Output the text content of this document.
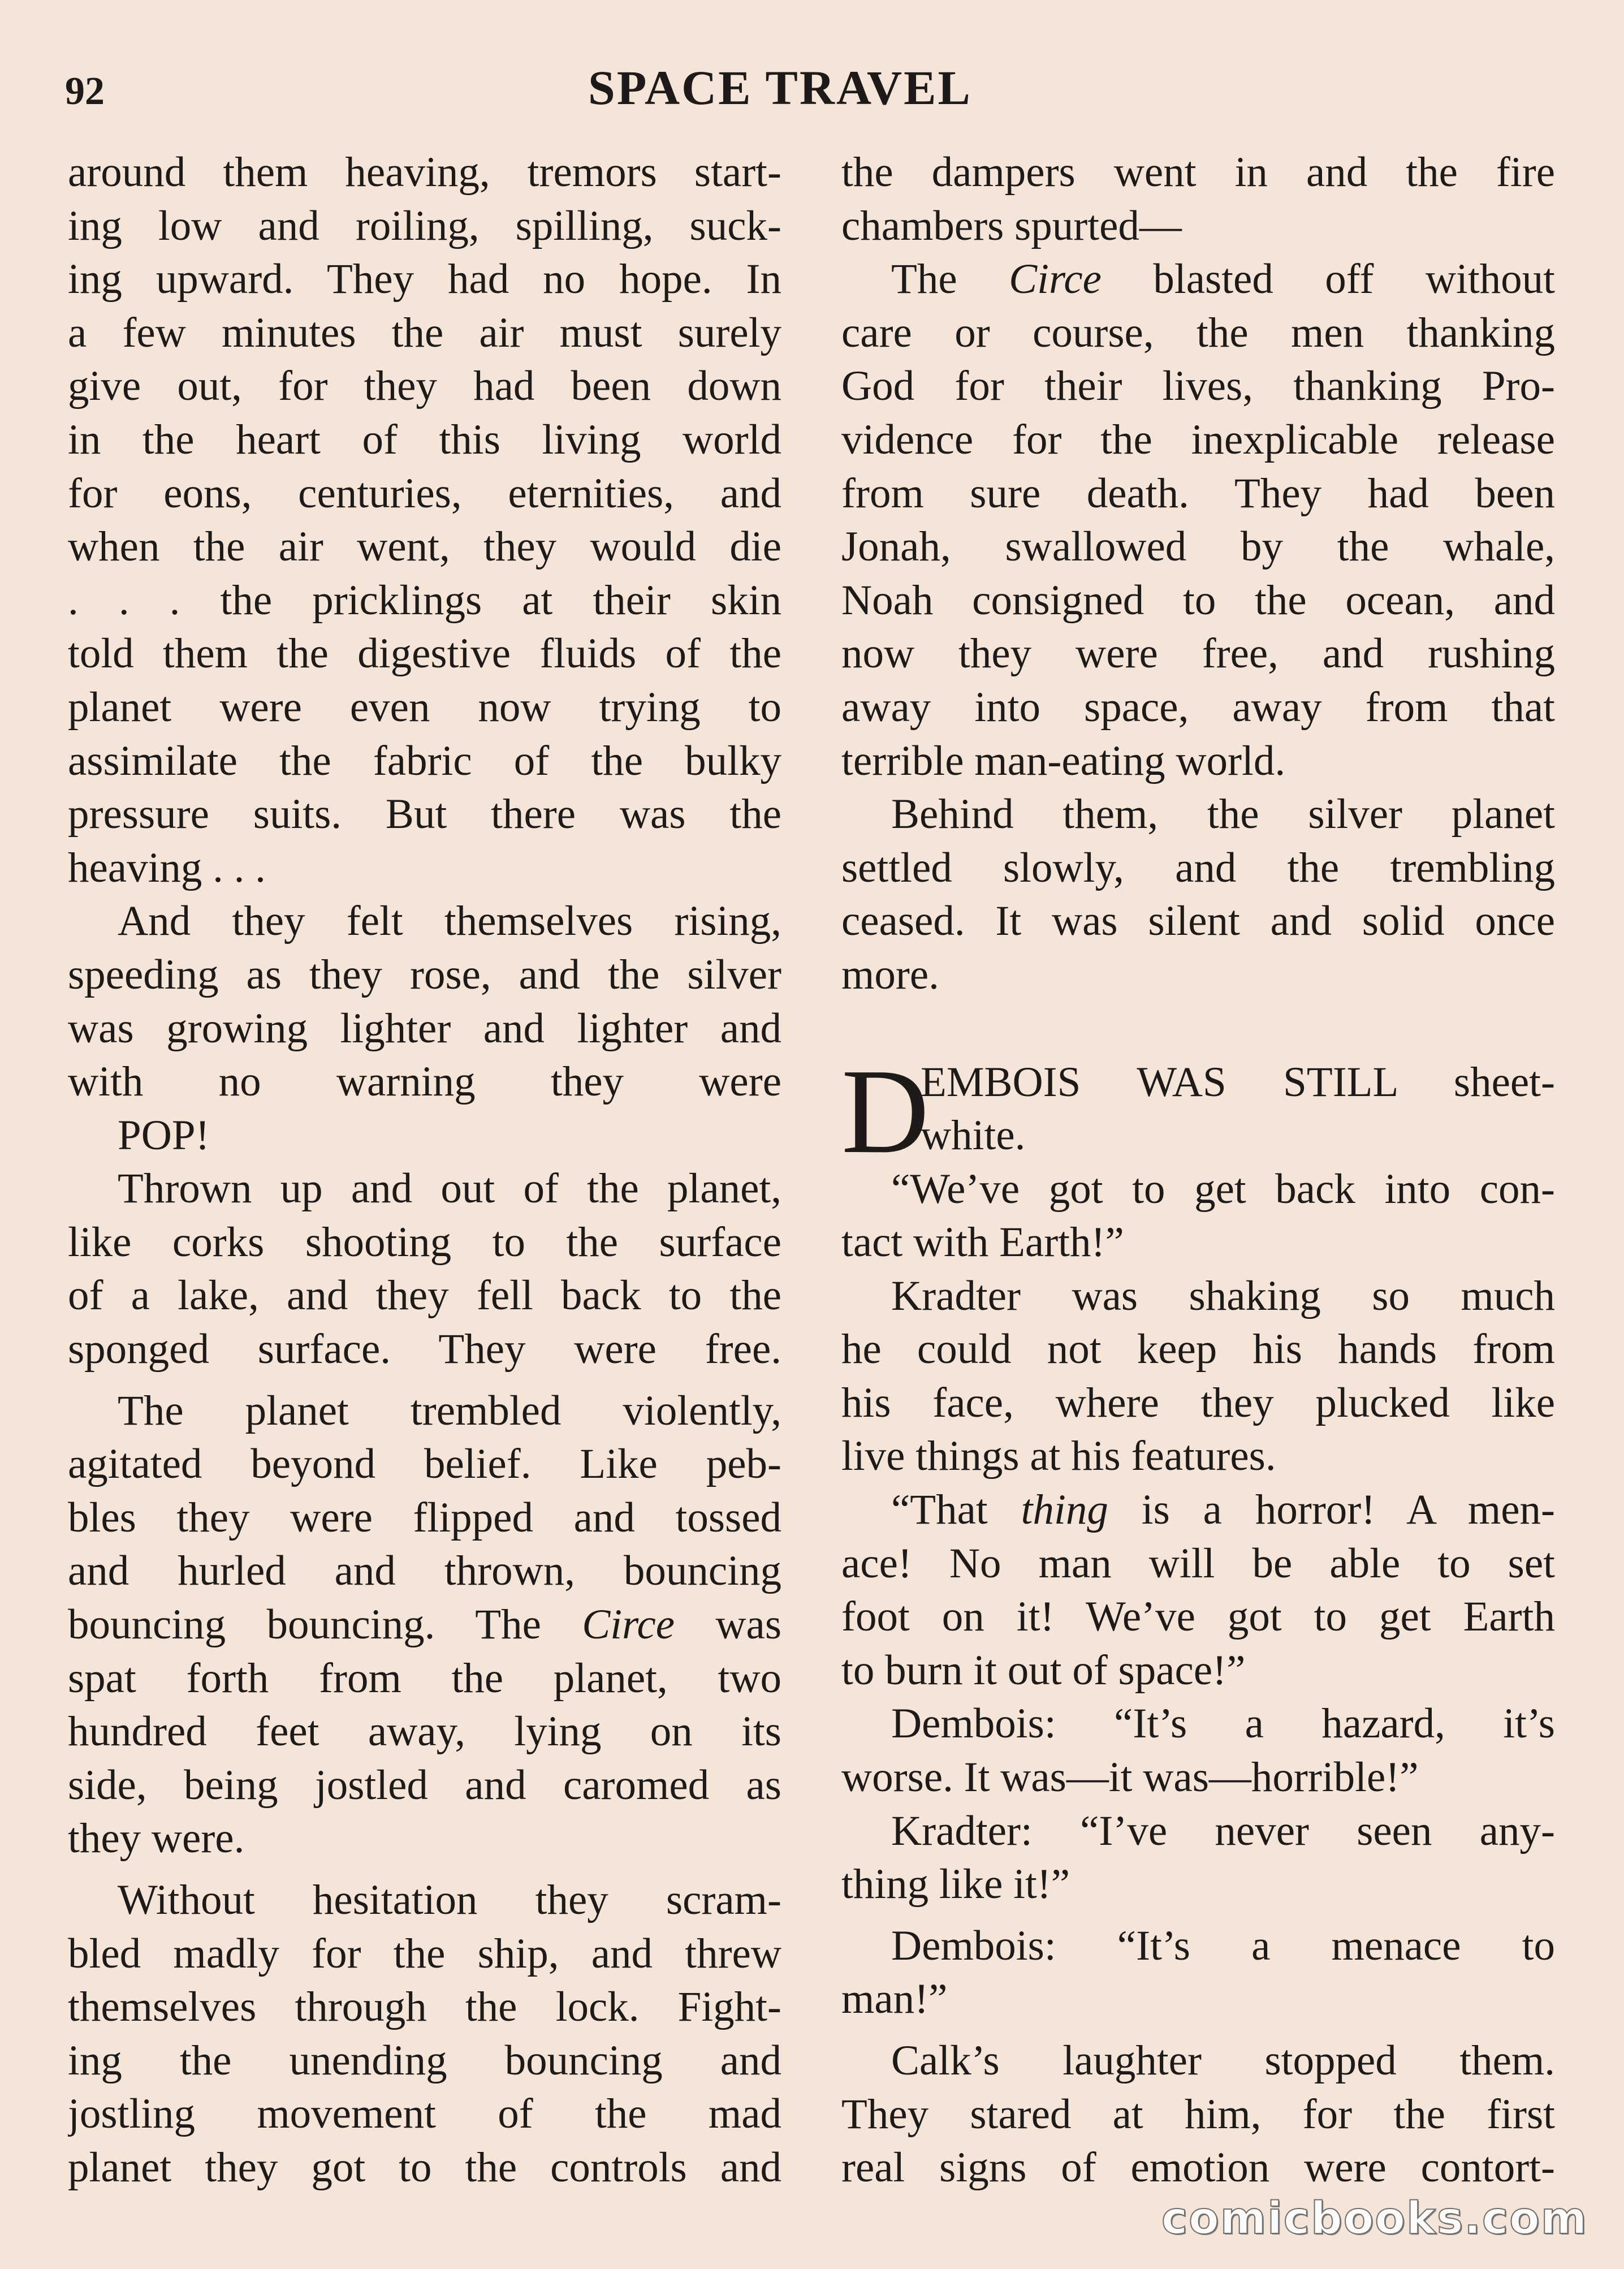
92	SPACE TRAVEL
around them heaving, tremors start-
ing low and roiling, spilling, suck-
ing upward. They had no hope. In
a few minutes the air must surely
give out, for they had been down
in the heart of this living world
for eons, centuries, eternities, and
when the air went, they would die
. . . the pricklings at their skin
told them the digestive fluids of the
planet were even now trying to
assimilate the fabric of the bulky
pressure suits. But there was the
heaving . . .
And they felt themselves rising,
speeding as they rose, and the silver
was growing lighter and lighter and
with no warning they were
POP!
Thrown up and out of the planet,
like corks shooting to the surface
of a lake, and they fell back to the
sponged surface. They were free.
The planet trembled violently,
agitated beyond belief. Like peb-
bles they were flipped and tossed
and hurled and thrown, bouncing
bouncing bouncing. The Circe was
spat forth from the planet, two
hundred feet away, lying on its
side, being jostled and caromed as
they were.
Without hesitation they scram-
bled madly for the ship, and threw
themselves through the lock. Fight-
ing the unending bouncing and
jostling movement of the mad
planet they got to the controls and
the dampers went in and the fire
chambers spurted—
The Circe blasted off without
care or course, the men thanking
God for their lives, thanking Pro-
vidence for the inexplicable release
from sure death. They had been
Jonah, swallowed by the whale,
Noah consigned to the ocean, and
now they were free, and rushing
away into space, away from that
terrible man-eating world.
Behind them, the silver planet
settled slowly, and the trembling
ceased. It was silent and solid once
more.
D
EMBOIS WAS STILL sheet-
white.
“We’ve got to get back into con-
tact with Earth!”
Kradter was shaking so much
he could not keep his hands from
his face, where they plucked like
live things at his features.
“That thing is a horror! A men-
ace! No man will be able to set
foot on it! We’ve got to get Earth
to burn it out of space!”
Dembois: “It’s a hazard, it’s
worse. It was—it was—horrible!”
Kradter: “I’ve never seen any-
thing like it!”
Dembois: “It’s a menace to
man!”
Calk’s laughter stopped them.
They stared at him, for the first
real signs of emotion were contort-
comicbooks.com
